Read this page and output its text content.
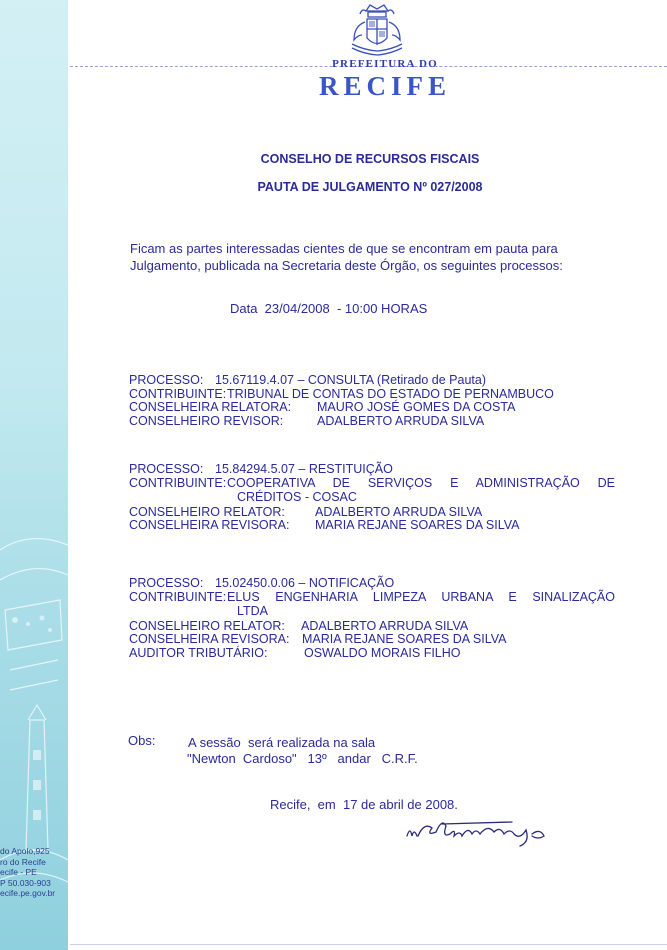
do Apolo,925
ro do Recife
ecife - PE
P 50.030-903
ecife.pe.gov.br
PREFEITURA DO
RECIFE
CONSELHO DE RECURSOS FISCAIS
PAUTA DE JULGAMENTO Nº 027/2008
Ficam as partes interessadas cientes de que se encontram em pauta para
Julgamento, publicada na Secretaria deste Órgão, os seguintes processos:
Data  23/04/2008  - 10:00 HORAS
PROCESSO: 15.67119.4.07 – CONSULTA (Retirado de Pauta)
CONTRIBUINTE: TRIBUNAL DE CONTAS DO ESTADO DE PERNAMBUCO
CONSELHEIRA RELATORA: MAURO JOSÉ GOMES DA COSTA
CONSELHEIRO REVISOR:	ADALBERTO ARRUDA SILVA
PROCESSO: 15.84294.5.07 – RESTITUIÇÃO
CONTRIBUINTE: COOPERATIVA DE SERVIÇOS E ADMINISTRAÇÃO DE
CRÉDITOS - COSAC
CONSELHEIRO RELATOR: ADALBERTO ARRUDA SILVA
CONSELHEIRA REVISORA: MARIA REJANE SOARES DA SILVA
PROCESSO: 15.02450.0.06 – NOTIFICAÇÃO
CONTRIBUINTE: ELUS ENGENHARIA LIMPEZA URBANA E SINALIZAÇÃO
LTDA
CONSELHEIRO RELATOR: ADALBERTO ARRUDA SILVA
CONSELHEIRA REVISORA: MARIA REJANE SOARES DA SILVA
AUDITOR TRIBUTÁRIO:	OSWALDO MORAIS FILHO
Obs:	A sessão  será realizada na sala
"Newton  Cardoso"   13º   andar   C.R.F.
Recife,  em  17 de abril de 2008.
